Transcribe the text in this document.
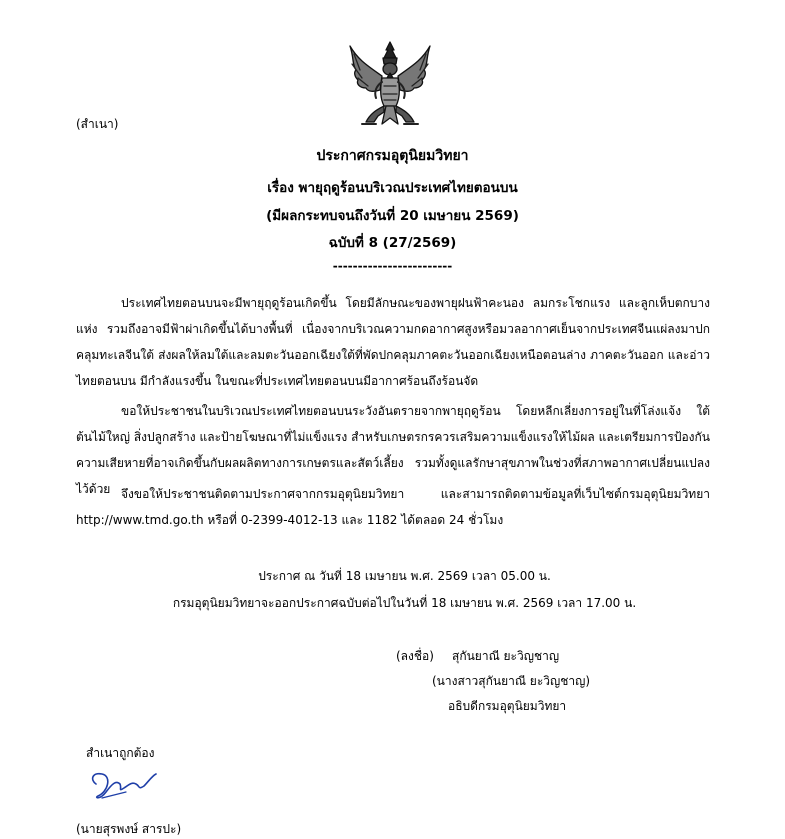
(สำเนา)
ประกาศกรมอุตุนิยมวิทยา
เรื่อง พายุฤดูร้อนบริเวณประเทศไทยตอนบน
(มีผลกระทบจนถึงวันที่ 20 เมษายน 2569)
ฉบับที่ 8 (27/2569)
------------------------
ประเทศไทยตอนบนจะมีพายุฤดูร้อนเกิดขึ้น โดยมีลักษณะของพายุฝนฟ้าคะนอง ลมกระโชกแรง และลูกเห็บตกบางแห่ง รวมถึงอาจมีฟ้าผ่าเกิดขึ้นได้บางพื้นที่ เนื่องจากบริเวณความกดอากาศสูงหรือมวลอากาศเย็นจากประเทศจีนแผ่ลงมาปกคลุมทะเลจีนใต้ ส่งผลให้ลมใต้และลมตะวันออกเฉียงใต้ที่พัดปกคลุมภาคตะวันออกเฉียงเหนือตอนล่าง ภาคตะวันออก และอ่าวไทยตอนบน มีกำลังแรงขึ้น ในขณะที่ประเทศไทยตอนบนมีอากาศร้อนถึงร้อนจัด
ขอให้ประชาชนในบริเวณประเทศไทยตอนบนระวังอันตรายจากพายุฤดูร้อน โดยหลีกเลี่ยงการอยู่ในที่โล่งแจ้ง ใต้ต้นไม้ใหญ่ สิ่งปลูกสร้าง และป้ายโฆษณาที่ไม่แข็งแรง สำหรับเกษตรกรควรเสริมความแข็งแรงให้ไม้ผล และเตรียมการป้องกันความเสียหายที่อาจเกิดขึ้นกับผลผลิตทางการเกษตรและสัตว์เลี้ยง รวมทั้งดูแลรักษาสุขภาพในช่วงที่สภาพอากาศเปลี่ยนแปลงไว้ด้วย จึงขอให้ประชาชนติดตามประกาศจากกรมอุตุนิยมวิทยา และสามารถติดตามข้อมูลที่เว็บไซต์กรมอุตุนิยมวิทยา http://www.tmd.go.th หรือที่ 0-2399-4012-13 และ 1182 ได้ตลอด 24 ชั่วโมง
ประกาศ ณ วันที่ 18 เมษายน พ.ศ. 2569 เวลา 05.00 น.
กรมอุตุนิยมวิทยาจะออกประกาศฉบับต่อไปในวันที่ 18 เมษายน พ.ศ. 2569 เวลา 17.00 น.
(ลงชื่อ) สุกันยาณี ยะวิญชาญ
(นางสาวสุกันยาณี ยะวิญชาญ)
อธิบดีกรมอุตุนิยมวิทยา
สำเนาถูกต้อง
(นายสุรพงษ์ สารปะ)
